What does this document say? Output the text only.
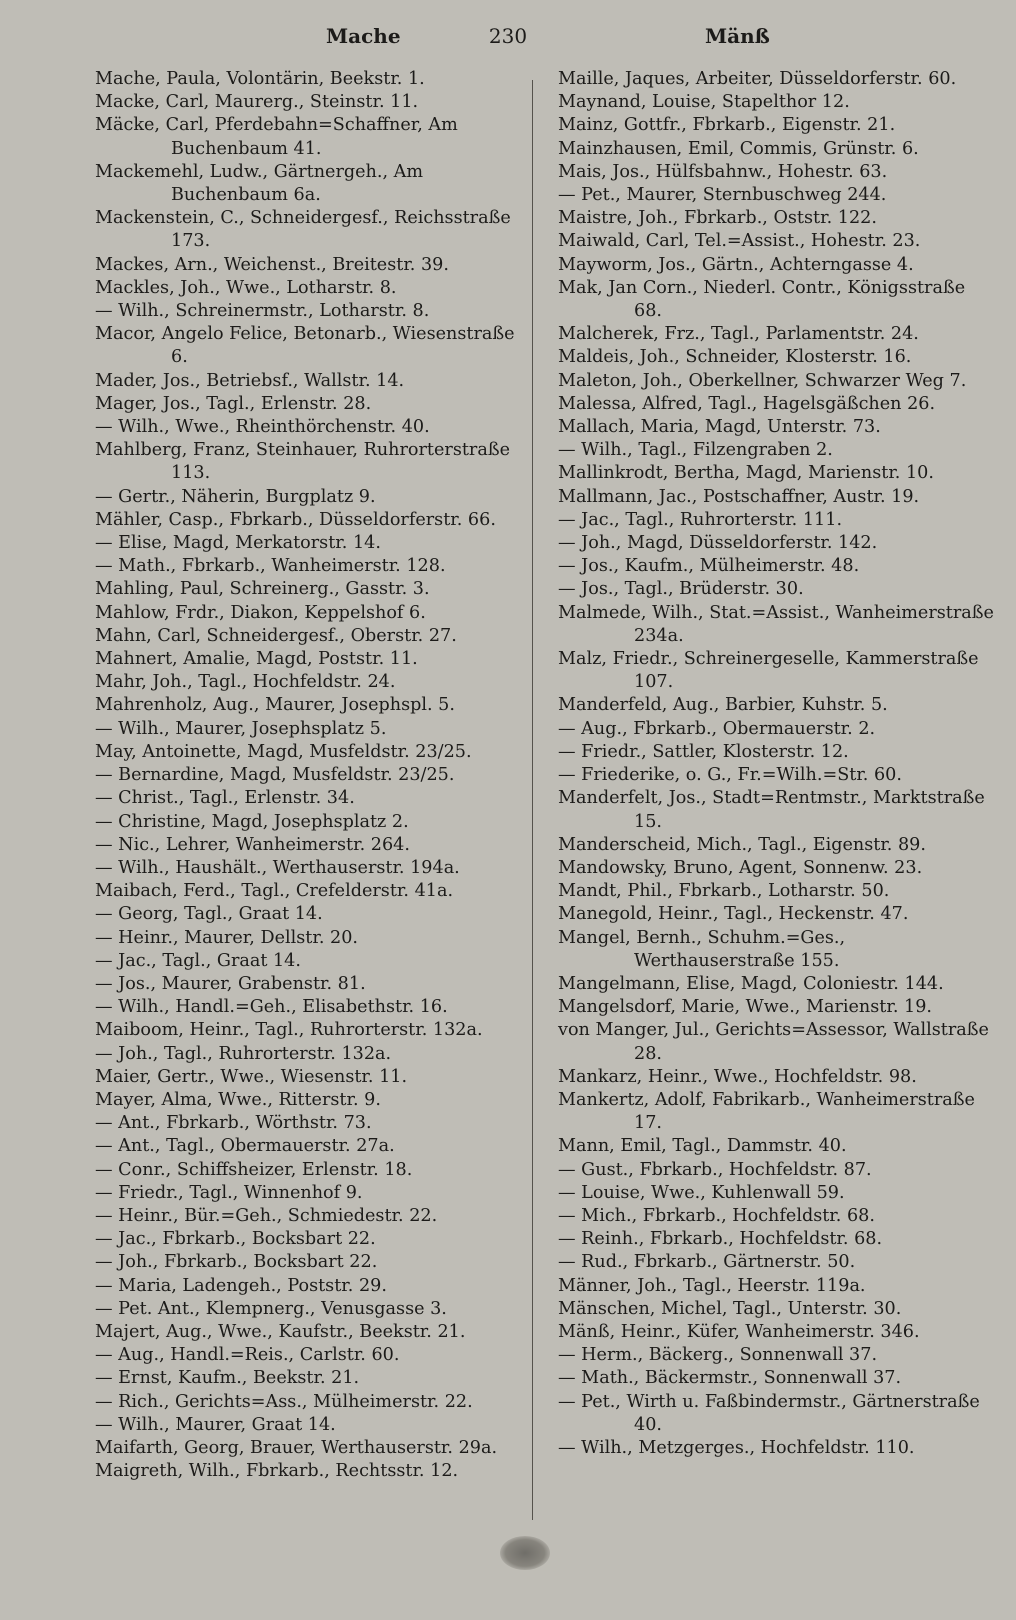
Mache	230	Mänß
Mache, Paula, Volontärin, Beekstr. 1.
Macke, Carl, Maurerg., Steinstr. 11.
Mäcke, Carl, Pferdebahn=Schaffner, Am Buchenbaum 41.
Mackemehl, Ludw., Gärtnergeh., Am Buchenbaum 6a.
Mackenstein, C., Schneidergesf., Reichsstraße 173.
Mackes, Arn., Weichenst., Breitestr. 39.
Mackles, Joh., Wwe., Lotharstr. 8.
— Wilh., Schreinermstr., Lotharstr. 8.
Macor, Angelo Felice, Betonarb., Wiesenstraße 6.
Mader, Jos., Betriebsf., Wallstr. 14.
Mager, Jos., Tagl., Erlenstr. 28.
— Wilh., Wwe., Rheinthörchenstr. 40.
Mahlberg, Franz, Steinhauer, Ruhrorterstraße 113.
— Gertr., Näherin, Burgplatz 9.
Mähler, Casp., Fbrkarb., Düsseldorferstr. 66.
— Elise, Magd, Merkatorstr. 14.
— Math., Fbrkarb., Wanheimerstr. 128.
Mahling, Paul, Schreinerg., Gasstr. 3.
Mahlow, Frdr., Diakon, Keppelshof 6.
Mahn, Carl, Schneidergesf., Oberstr. 27.
Mahnert, Amalie, Magd, Poststr. 11.
Mahr, Joh., Tagl., Hochfeldstr. 24.
Mahrenholz, Aug., Maurer, Josephspl. 5.
— Wilh., Maurer, Josephsplatz 5.
May, Antoinette, Magd, Musfeldstr. 23/25.
— Bernardine, Magd, Musfeldstr. 23/25.
— Christ., Tagl., Erlenstr. 34.
— Christine, Magd, Josephsplatz 2.
— Nic., Lehrer, Wanheimerstr. 264.
— Wilh., Haushält., Werthauserstr. 194a.
Maibach, Ferd., Tagl., Crefelderstr. 41a.
— Georg, Tagl., Graat 14.
— Heinr., Maurer, Dellstr. 20.
— Jac., Tagl., Graat 14.
— Jos., Maurer, Grabenstr. 81.
— Wilh., Handl.=Geh., Elisabethstr. 16.
Maiboom, Heinr., Tagl., Ruhrorterstr. 132a.
— Joh., Tagl., Ruhrorterstr. 132a.
Maier, Gertr., Wwe., Wiesenstr. 11.
Mayer, Alma, Wwe., Ritterstr. 9.
— Ant., Fbrkarb., Wörthstr. 73.
— Ant., Tagl., Obermauerstr. 27a.
— Conr., Schiffsheizer, Erlenstr. 18.
— Friedr., Tagl., Winnenhof 9.
— Heinr., Bür.=Geh., Schmiedestr. 22.
— Jac., Fbrkarb., Bocksbart 22.
— Joh., Fbrkarb., Bocksbart 22.
— Maria, Ladengeh., Poststr. 29.
— Pet. Ant., Klempnerg., Venusgasse 3.
Majert, Aug., Wwe., Kaufstr., Beekstr. 21.
— Aug., Handl.=Reis., Carlstr. 60.
— Ernst, Kaufm., Beekstr. 21.
— Rich., Gerichts=Ass., Mülheimerstr. 22.
— Wilh., Maurer, Graat 14.
Maifarth, Georg, Brauer, Werthauserstr. 29a.
Maigreth, Wilh., Fbrkarb., Rechtsstr. 12.
Maille, Jaques, Arbeiter, Düsseldorferstr. 60.
Maynand, Louise, Stapelthor 12.
Mainz, Gottfr., Fbrkarb., Eigenstr. 21.
Mainzhausen, Emil, Commis, Grünstr. 6.
Mais, Jos., Hülfsbahnw., Hohestr. 63.
— Pet., Maurer, Sternbuschweg 244.
Maistre, Joh., Fbrkarb., Oststr. 122.
Maiwald, Carl, Tel.=Assist., Hohestr. 23.
Mayworm, Jos., Gärtn., Achterngasse 4.
Mak, Jan Corn., Niederl. Contr., Königsstraße 68.
Malcherek, Frz., Tagl., Parlamentstr. 24.
Maldeis, Joh., Schneider, Klosterstr. 16.
Maleton, Joh., Oberkellner, Schwarzer Weg 7.
Malessa, Alfred, Tagl., Hagelsgäßchen 26.
Mallach, Maria, Magd, Unterstr. 73.
— Wilh., Tagl., Filzengraben 2.
Mallinkrodt, Bertha, Magd, Marienstr. 10.
Mallmann, Jac., Postschaffner, Austr. 19.
— Jac., Tagl., Ruhrorterstr. 111.
— Joh., Magd, Düsseldorferstr. 142.
— Jos., Kaufm., Mülheimerstr. 48.
— Jos., Tagl., Brüderstr. 30.
Malmede, Wilh., Stat.=Assist., Wanheimerstraße 234a.
Malz, Friedr., Schreinergeselle, Kammerstraße 107.
Manderfeld, Aug., Barbier, Kuhstr. 5.
— Aug., Fbrkarb., Obermauerstr. 2.
— Friedr., Sattler, Klosterstr. 12.
— Friederike, o. G., Fr.=Wilh.=Str. 60.
Manderfelt, Jos., Stadt=Rentmstr., Marktstraße 15.
Manderscheid, Mich., Tagl., Eigenstr. 89.
Mandowsky, Bruno, Agent, Sonnenw. 23.
Mandt, Phil., Fbrkarb., Lotharstr. 50.
Manegold, Heinr., Tagl., Heckenstr. 47.
Mangel, Bernh., Schuhm.=Ges., Werthauserstraße 155.
Mangelmann, Elise, Magd, Coloniestr. 144.
Mangelsdorf, Marie, Wwe., Marienstr. 19.
von Manger, Jul., Gerichts=Assessor, Wallstraße 28.
Mankarz, Heinr., Wwe., Hochfeldstr. 98.
Mankertz, Adolf, Fabrikarb., Wanheimerstraße 17.
Mann, Emil, Tagl., Dammstr. 40.
— Gust., Fbrkarb., Hochfeldstr. 87.
— Louise, Wwe., Kuhlenwall 59.
— Mich., Fbrkarb., Hochfeldstr. 68.
— Reinh., Fbrkarb., Hochfeldstr. 68.
— Rud., Fbrkarb., Gärtnerstr. 50.
Männer, Joh., Tagl., Heerstr. 119a.
Mänschen, Michel, Tagl., Unterstr. 30.
Mänß, Heinr., Küfer, Wanheimerstr. 346.
— Herm., Bäckerg., Sonnenwall 37.
— Math., Bäckermstr., Sonnenwall 37.
— Pet., Wirth u. Faßbindermstr., Gärtnerstraße 40.
— Wilh., Metzgerges., Hochfeldstr. 110.
